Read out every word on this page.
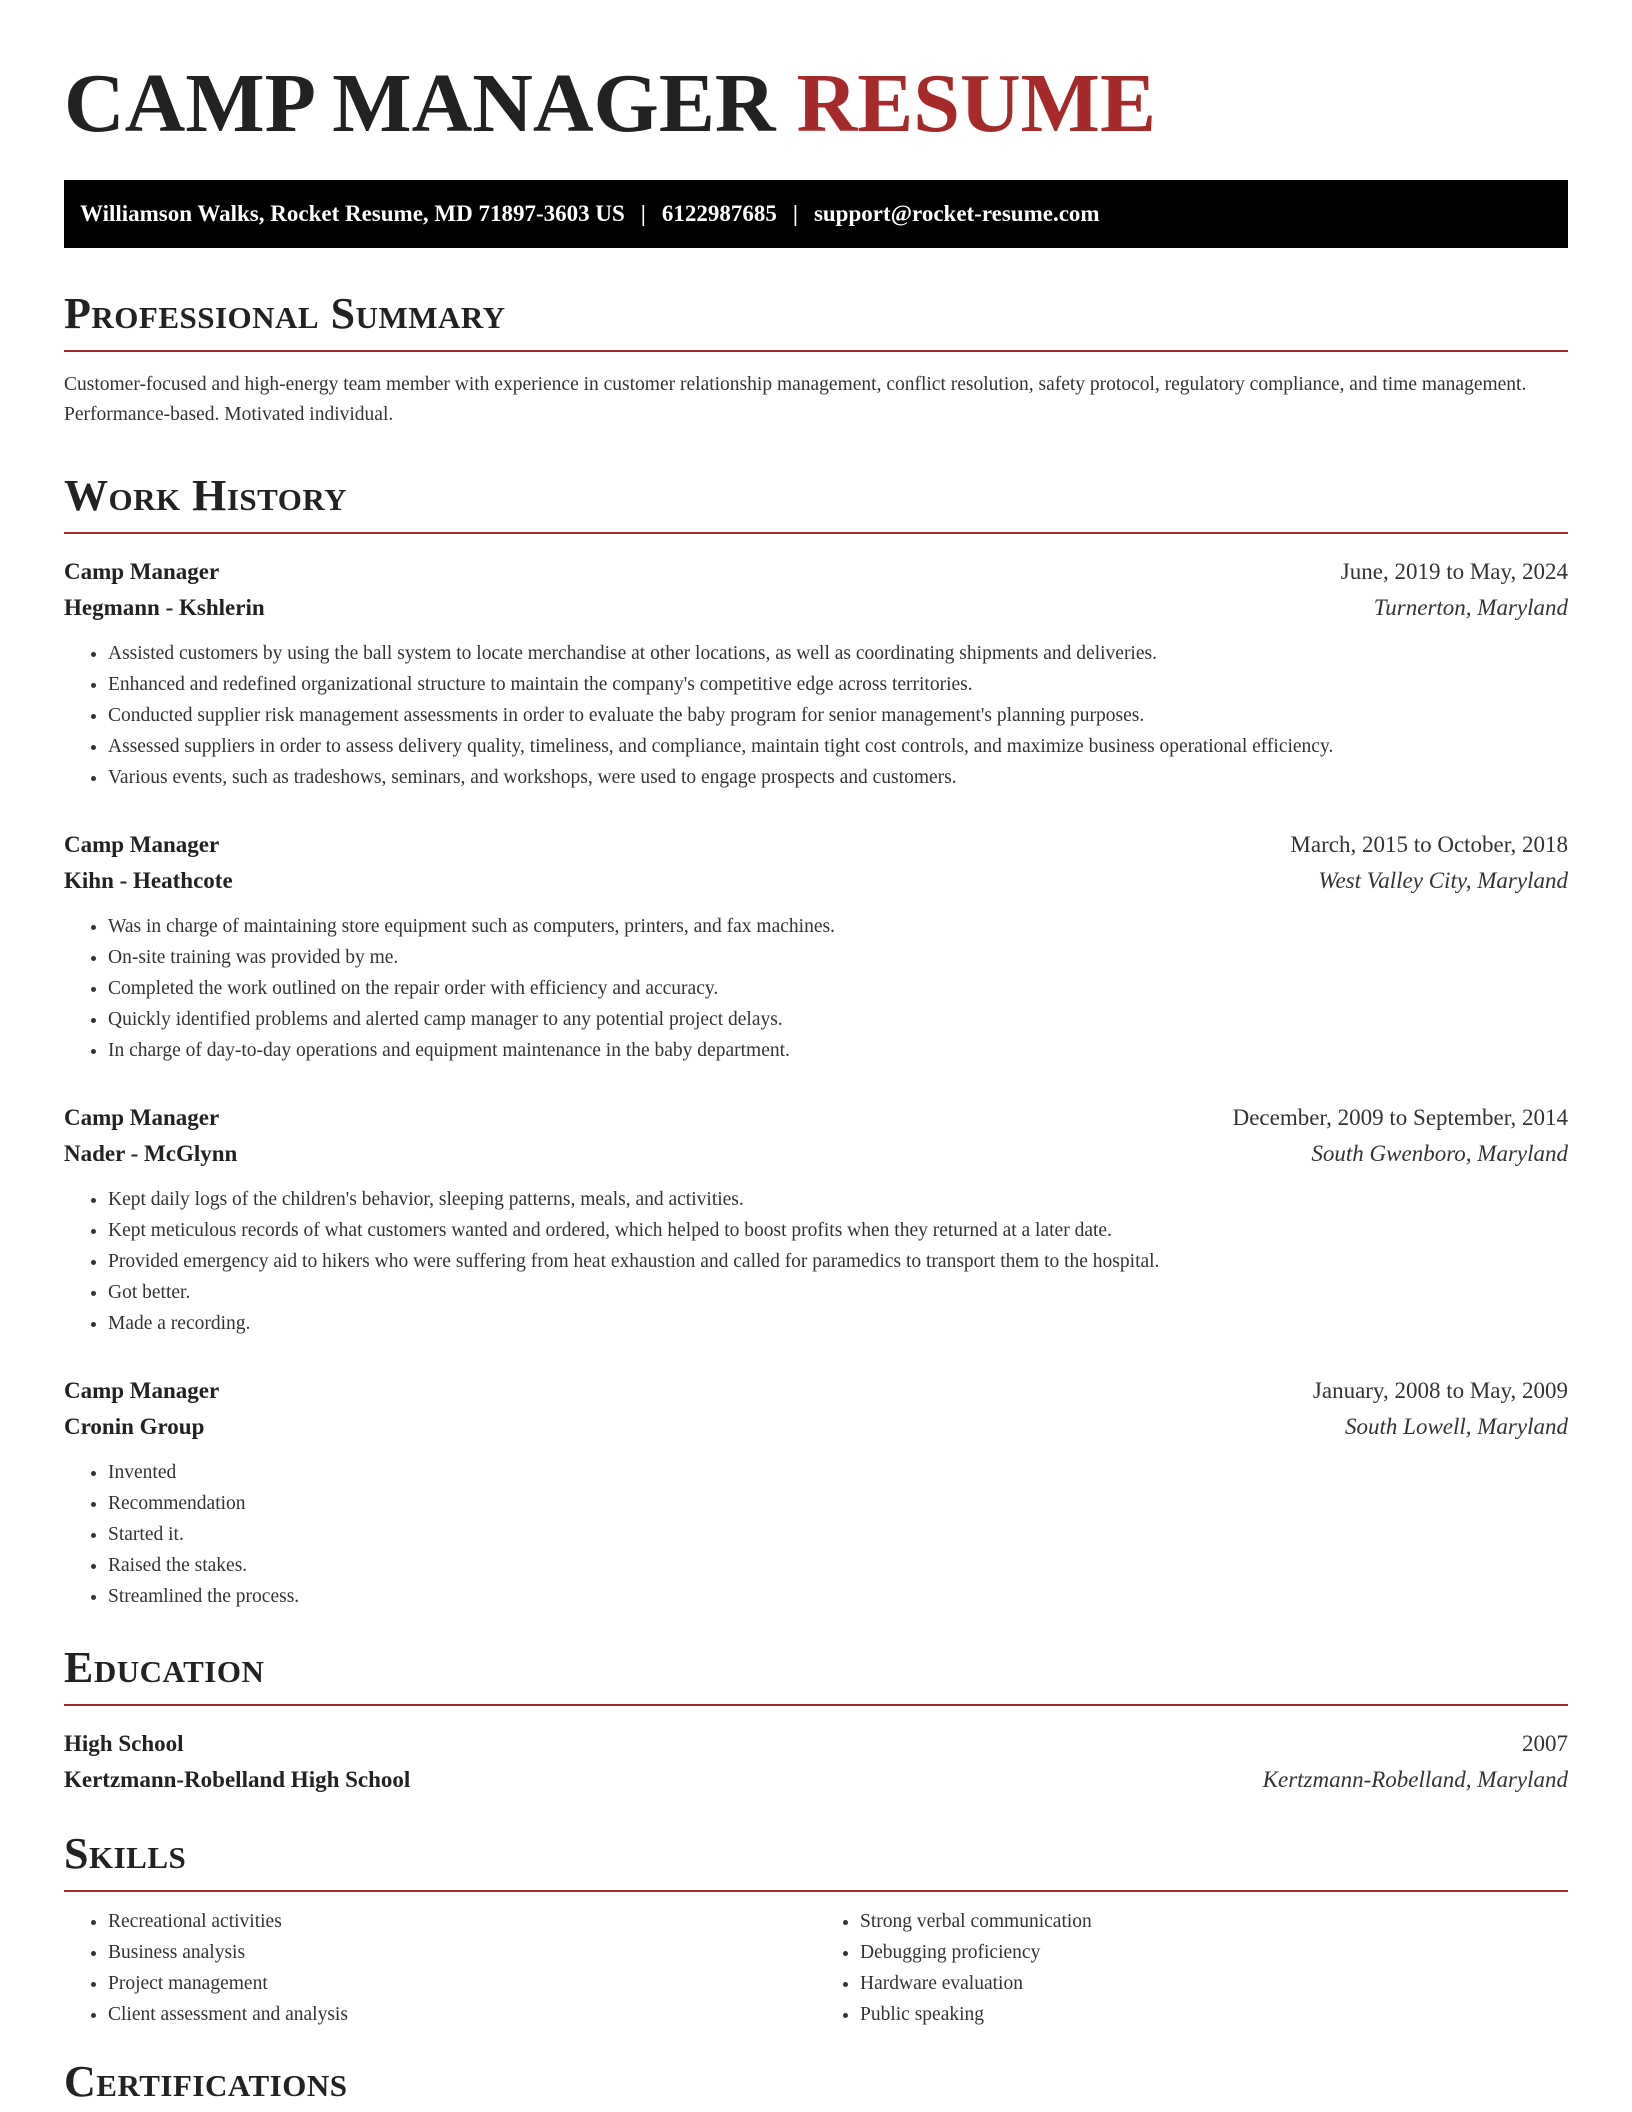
CAMP MANAGER RESUME
Williamson Walks, Rocket Resume, MD 71897-3603 US | 6122987685 | support@rocket-resume.com
Professional Summary
Customer-focused and high-energy team member with experience in customer relationship management, conflict resolution, safety protocol, regulatory compliance, and time management. Performance-based. Motivated individual.
Work History
Camp Manager	June, 2019 to May, 2024
Hegmann - Kshlerin	Turnerton, Maryland
• Assisted customers by using the ball system to locate merchandise at other locations, as well as coordinating shipments and deliveries.
• Enhanced and redefined organizational structure to maintain the company's competitive edge across territories.
• Conducted supplier risk management assessments in order to evaluate the baby program for senior management's planning purposes.
• Assessed suppliers in order to assess delivery quality, timeliness, and compliance, maintain tight cost controls, and maximize business operational efficiency.
• Various events, such as tradeshows, seminars, and workshops, were used to engage prospects and customers.
Camp Manager	March, 2015 to October, 2018
Kihn - Heathcote	West Valley City, Maryland
• Was in charge of maintaining store equipment such as computers, printers, and fax machines.
• On-site training was provided by me.
• Completed the work outlined on the repair order with efficiency and accuracy.
• Quickly identified problems and alerted camp manager to any potential project delays.
• In charge of day-to-day operations and equipment maintenance in the baby department.
Camp Manager	December, 2009 to September, 2014
Nader - McGlynn	South Gwenboro, Maryland
• Kept daily logs of the children's behavior, sleeping patterns, meals, and activities.
• Kept meticulous records of what customers wanted and ordered, which helped to boost profits when they returned at a later date.
• Provided emergency aid to hikers who were suffering from heat exhaustion and called for paramedics to transport them to the hospital.
• Got better.
• Made a recording.
Camp Manager	January, 2008 to May, 2009
Cronin Group	South Lowell, Maryland
• Invented
• Recommendation
• Started it.
• Raised the stakes.
• Streamlined the process.
Education
High School	2007
Kertzmann-Robelland High School	Kertzmann-Robelland, Maryland
Skills
• Recreational activities
• Business analysis
• Project management
• Client assessment and analysis
• Strong verbal communication
• Debugging proficiency
• Hardware evaluation
• Public speaking
Certifications
